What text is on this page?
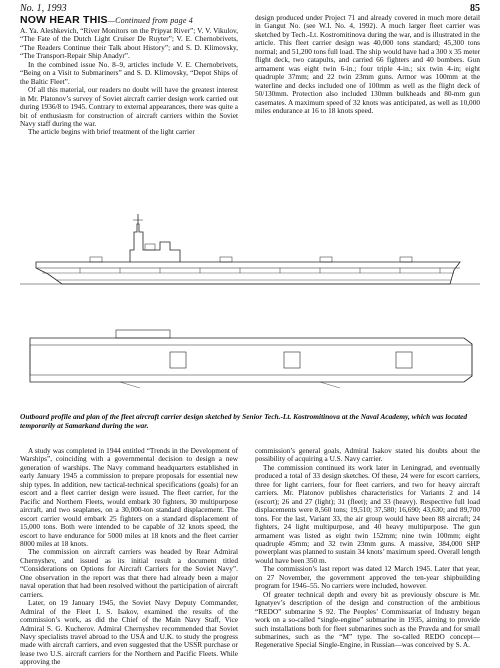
No. 1, 1993	85
NOW HEAR THIS—Continued from page 4

A. Ya. Aleshkevich, “River Monitors on the Pripyat River”; V. V. Vikulov, “The Fate of the Dutch Light Cruiser De Ruyter”; V. E. Chernobrivets, “The Readers Continue their Talk about History”; and S. D. Klimovsky, “The Transport-Repair Ship Anadyr”.

In the combined issue No. 8–9, articles include V. E. Chernobrivets, “Being on a Visit to Submariners” and S. D. Klimovsky, “Depot Ships of the Baltic Fleet”.

Of all this material, our readers no doubt will have the greatest interest in Mr. Platonov’s survey of Soviet aircraft carrier design work carried out during 1936/8 to 1945. Contrary to external appearances, there was quite a bit of enthusiasm for construction of aircraft carriers within the Soviet Navy staff during the war.

The article begins with brief treatment of the light carrier

design produced under Project 71 and already covered in much more detail in Gangut No. (see W.I. No. 4, 1992). A much larger fleet carrier was sketched by Tech.-Lt. Kostromitinova during the war, and is illustrated in the article. This fleet carrier design was 40,000 tons standard; 45,300 tons normal; and 51,200 tons full load. The ship would have had a 300 x 35 meter flight deck, two catapults, and carried 66 fighters and 40 bombers. Gun armament was eight twin 6-in.; four triple 4-in.; six twin 4-in; eight quadruple 37mm; and 22 twin 23mm guns. Armor was 100mm at the waterline and decks included one of 100mm as well as the flight deck of 50/130mm. Protection also included 130mm bulkheads and 80-mm gun casemates. A maximum speed of 32 knots was anticipated, as well as 10,000 miles endurance at 16 to 18 knots speed.

Outboard profile and plan of the fleet aircraft carrier design sketched by Senior Tech.-Lt. Kostromitinova at the Naval Academy, which was located temporarily at Samarkand during the war.

A study was completed in 1944 entitled “Trends in the Development of Warships”, coinciding with a governmental decision to design a new generation of warships. The Navy command headquarters established in early January 1945 a commission to prepare proposals for essential new ship types. In addition, new tactical-technical specifications (goals) for an escort and a fleet carrier design were issued. The fleet carrier, for the Pacific and Northern Fleets, would embark 30 fighters, 30 multipurpose aircraft, and two seaplanes, on a 30,000-ton standard displacement. The escort carrier would embark 25 fighters on a standard displacement of 15,000 tons. Both were intended to be capable of 32 knots speed, the escort to have endurance for 5000 miles at 18 knots and the fleet carrier 8000 miles at 18 knots.

The commission on aircraft carriers was headed by Rear Admiral Chernyshev, and issued as its initial result a document titled “Considerations on Options for Aircraft Carriers for the Soviet Navy”. One observation in the report was that there had already been a major naval operation that had been resolved without the participation of aircraft carriers.

Later, on 19 January 1945, the Soviet Navy Deputy Commander, Admiral of the Fleet I. S. Isakov, examined the results of the commission’s work, as did the Chief of the Main Navy Staff, Vice Admiral S. G. Kucherov. Admiral Chernyshev recommended that Soviet Navy specialists travel abroad to the USA and U.K. to study the progress made with aircraft carriers, and even suggested that the USSR purchase or lease two U.S. aircraft carriers for the Northern and Pacific Fleets. While approving the

commission’s general goals, Admiral Isakov stated his doubts about the possibility of acquiring a U.S. Navy carrier.

The commission continued its work later in Leningrad, and eventually produced a total of 33 design sketches. Of these, 24 were for escort carriers, three for light carriers, four for fleet carriers, and two for heavy aircraft carriers. Mr. Platonov publishes characteristics for Variants 2 and 14 (escort); 26 and 27 (light); 31 (fleet); and 33 (heavy). Respective full load displacements were 8,560 tons; 19,510; 37,580; 16,690; 43,630; and 89,700 tons. For the last, Variant 33, the air group would have been 88 aircraft; 24 fighters, 24 light multipurpose, and 40 heavy multipurpose. The gun armament was listed as eight twin 152mm; nine twin 100mm; eight quadruple 45mm; and 32 twin 23mm guns. A massive, 384,000 SHP powerplant was planned to sustain 34 knots’ maximum speed. Overall length would have been 350 m.

The commission’s last report was dated 12 March 1945. Later that year, on 27 November, the government approved the ten-year shipbuilding program for 1946–55. No carriers were included, however.

Of greater technical depth and every bit as previously obscure is Mr. Ignatyev’s description of the design and construction of the ambitious “REDO” submarine S 92. The Peoples’ Commissariat of Industry began work on a so-called “single-engine” submarine in 1935, aiming to provide such installations both for fleet submarines such as the Pravda and for small submarines, such as the “M” type. The so-called REDO concept—Regenerative Special Single-Engine, in Russian—was conceived by S. A.
